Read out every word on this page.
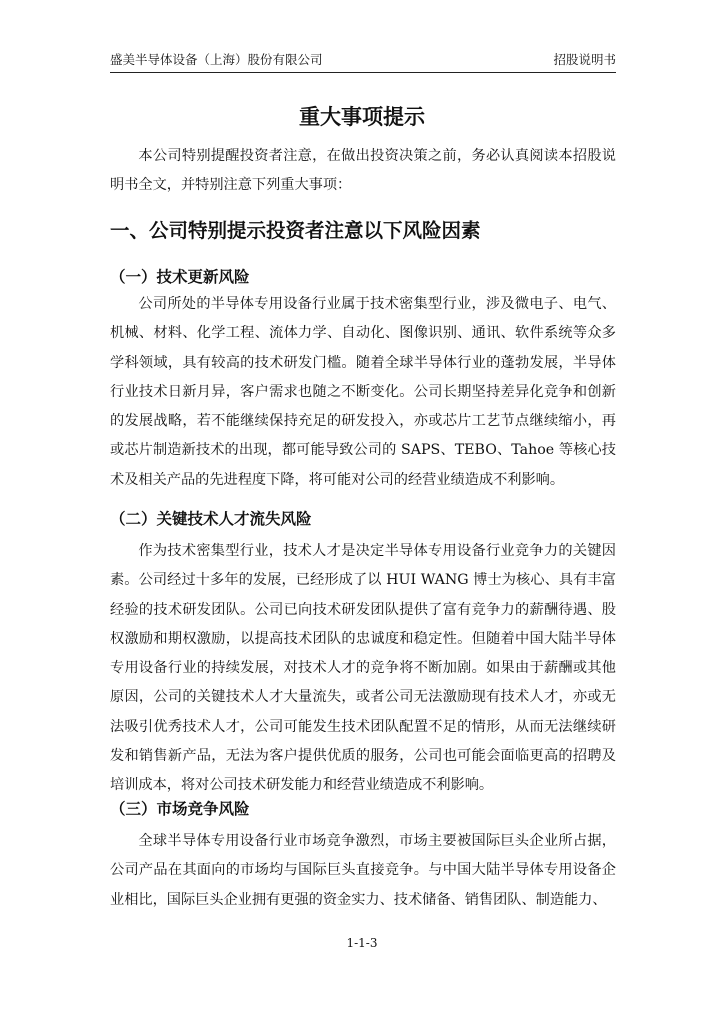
盛美半导体设备（上海）股份有限公司	招股说明书
重大事项提示
本公司特别提醒投资者注意，在做出投资决策之前，务必认真阅读本招股说明书全文，并特别注意下列重大事项：
一、公司特别提示投资者注意以下风险因素
（一）技术更新风险
公司所处的半导体专用设备行业属于技术密集型行业，涉及微电子、电气、机械、材料、化学工程、流体力学、自动化、图像识别、通讯、软件系统等众多学科领域，具有较高的技术研发门槛。随着全球半导体行业的蓬勃发展，半导体行业技术日新月异，客户需求也随之不断变化。公司长期坚持差异化竞争和创新的发展战略，若不能继续保持充足的研发投入，亦或芯片工艺节点继续缩小，再或芯片制造新技术的出现，都可能导致公司的 SAPS、TEBO、Tahoe 等核心技术及相关产品的先进程度下降，将可能对公司的经营业绩造成不利影响。
（二）关键技术人才流失风险
作为技术密集型行业，技术人才是决定半导体专用设备行业竞争力的关键因素。公司经过十多年的发展，已经形成了以 HUI WANG 博士为核心、具有丰富经验的技术研发团队。公司已向技术研发团队提供了富有竞争力的薪酬待遇、股权激励和期权激励，以提高技术团队的忠诚度和稳定性。但随着中国大陆半导体专用设备行业的持续发展，对技术人才的竞争将不断加剧。如果由于薪酬或其他原因，公司的关键技术人才大量流失，或者公司无法激励现有技术人才，亦或无法吸引优秀技术人才，公司可能发生技术团队配置不足的情形，从而无法继续研发和销售新产品，无法为客户提供优质的服务，公司也可能会面临更高的招聘及培训成本，将对公司技术研发能力和经营业绩造成不利影响。
（三）市场竞争风险
全球半导体专用设备行业市场竞争激烈，市场主要被国际巨头企业所占据，公司产品在其面向的市场均与国际巨头直接竞争。与中国大陆半导体专用设备企业相比，国际巨头企业拥有更强的资金实力、技术储备、销售团队、制造能力、
1-1-3
